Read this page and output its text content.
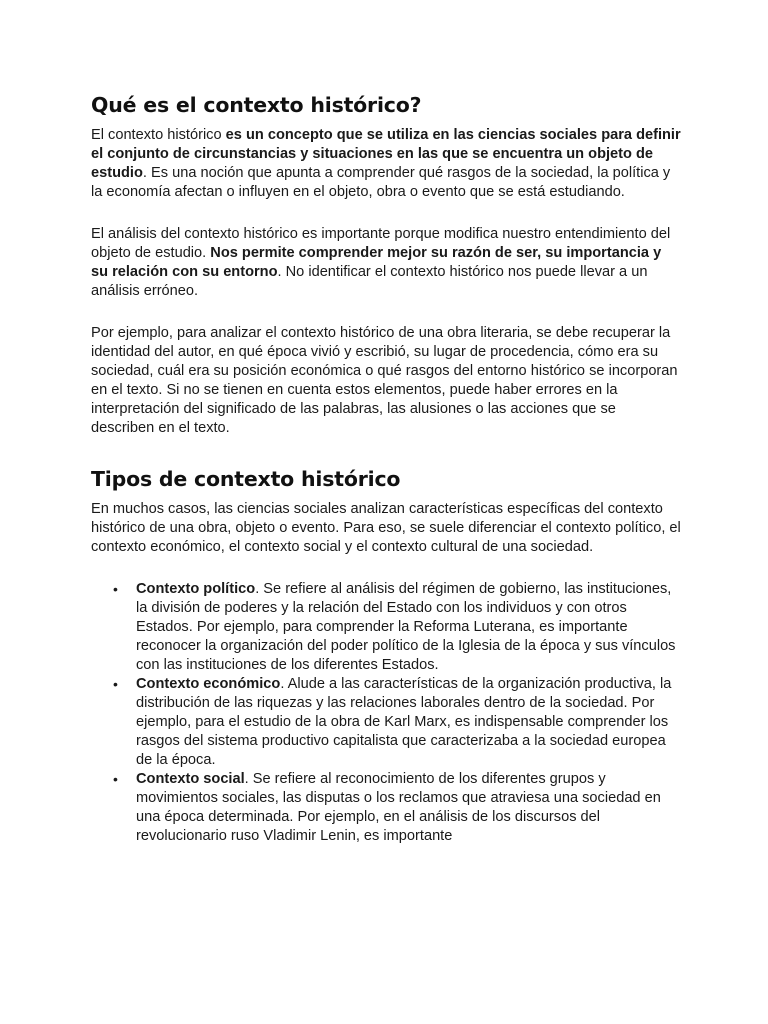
Qué es el contexto histórico?

El contexto histórico es un concepto que se utiliza en las ciencias sociales para definir el conjunto de circunstancias y situaciones en las que se encuentra un objeto de estudio. Es una noción que apunta a comprender qué rasgos de la sociedad, la política y la economía afectan o influyen en el objeto, obra o evento que se está estudiando.

El análisis del contexto histórico es importante porque modifica nuestro entendimiento del objeto de estudio. Nos permite comprender mejor su razón de ser, su importancia y su relación con su entorno. No identificar el contexto histórico nos puede llevar a un análisis erróneo.

Por ejemplo, para analizar el contexto histórico de una obra literaria, se debe recuperar la identidad del autor, en qué época vivió y escribió, su lugar de procedencia, cómo era su sociedad, cuál era su posición económica o qué rasgos del entorno histórico se incorporan en el texto. Si no se tienen en cuenta estos elementos, puede haber errores en la interpretación del significado de las palabras, las alusiones o las acciones que se describen en el texto.

Tipos de contexto histórico

En muchos casos, las ciencias sociales analizan características específicas del contexto histórico de una obra, objeto o evento. Para eso, se suele diferenciar el contexto político, el contexto económico, el contexto social y el contexto cultural de una sociedad.

• Contexto político. Se refiere al análisis del régimen de gobierno, las instituciones, la división de poderes y la relación del Estado con los individuos y con otros Estados. Por ejemplo, para comprender la Reforma Luterana, es importante reconocer la organización del poder político de la Iglesia de la época y sus vínculos con las instituciones de los diferentes Estados.
• Contexto económico. Alude a las características de la organización productiva, la distribución de las riquezas y las relaciones laborales dentro de la sociedad. Por ejemplo, para el estudio de la obra de Karl Marx, es indispensable comprender los rasgos del sistema productivo capitalista que caracterizaba a la sociedad europea de la época.
• Contexto social. Se refiere al reconocimiento de los diferentes grupos y movimientos sociales, las disputas o los reclamos que atraviesa una sociedad en una época determinada. Por ejemplo, en el análisis de los discursos del revolucionario ruso Vladimir Lenin, es importante
